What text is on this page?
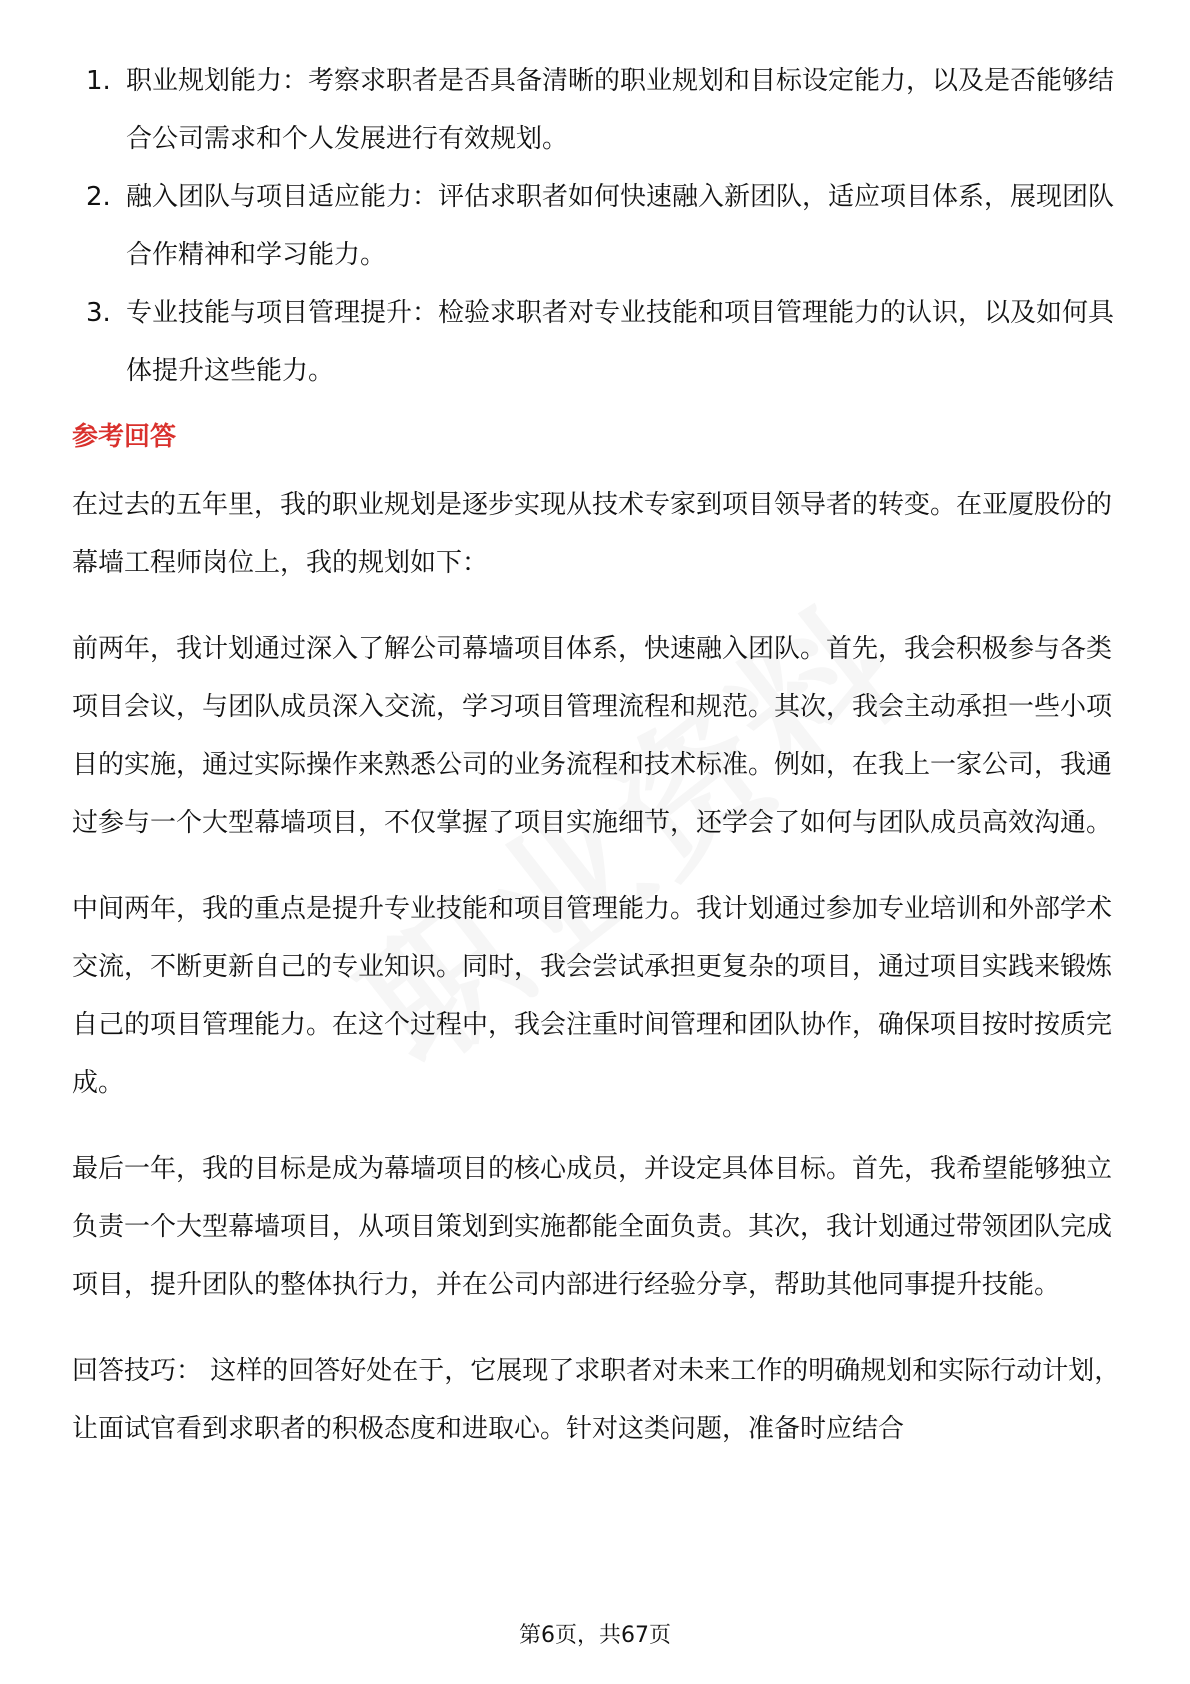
1. 职业规划能力：考察求职者是否具备清晰的职业规划和目标设定能力，以及是否能够结合公司需求和个人发展进行有效规划。
2. 融入团队与项目适应能力：评估求职者如何快速融入新团队，适应项目体系，展现团队合作精神和学习能力。
3. 专业技能与项目管理提升：检验求职者对专业技能和项目管理能力的认识，以及如何具体提升这些能力。
参考回答

在过去的五年里，我的职业规划是逐步实现从技术专家到项目领导者的转变。在亚厦股份的幕墙工程师岗位上，我的规划如下：

前两年，我计划通过深入了解公司幕墙项目体系，快速融入团队。首先，我会积极参与各类项目会议，与团队成员深入交流，学习项目管理流程和规范。其次，我会主动承担一些小项目的实施，通过实际操作来熟悉公司的业务流程和技术标准。例如，在我上一家公司，我通过参与一个大型幕墙项目，不仅掌握了项目实施细节，还学会了如何与团队成员高效沟通。

中间两年，我的重点是提升专业技能和项目管理能力。我计划通过参加专业培训和外部学术交流，不断更新自己的专业知识。同时，我会尝试承担更复杂的项目，通过项目实践来锻炼自己的项目管理能力。在这个过程中，我会注重时间管理和团队协作，确保项目按时按质完成。

最后一年，我的目标是成为幕墙项目的核心成员，并设定具体目标。首先，我希望能够独立负责一个大型幕墙项目，从项目策划到实施都能全面负责。其次，我计划通过带领团队完成项目，提升团队的整体执行力，并在公司内部进行经验分享，帮助其他同事提升技能。

回答技巧： 这样的回答好处在于，它展现了求职者对未来工作的明确规划和实际行动计划，让面试官看到求职者的积极态度和进取心。针对这类问题，准备时应结合

第6页，共67页
